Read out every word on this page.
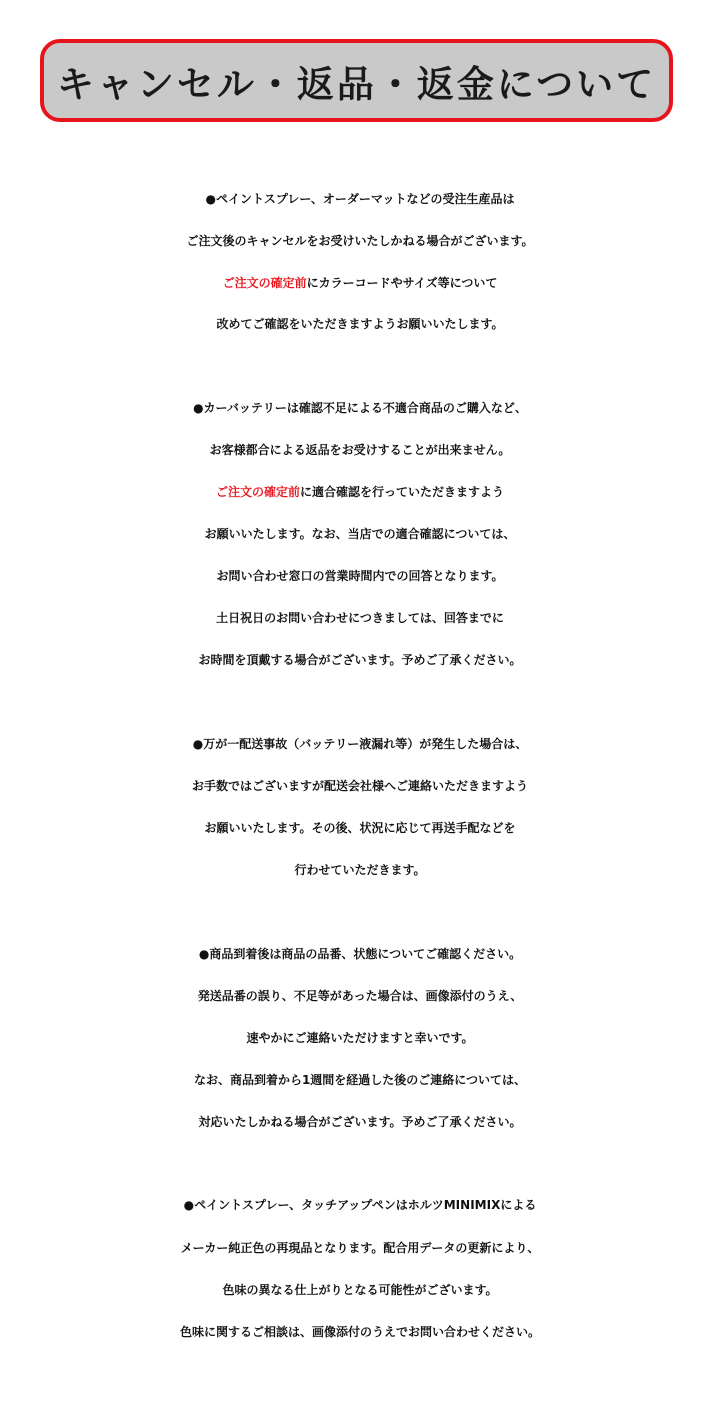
キャンセル・返品・返金について
●ペイントスプレー、オーダーマットなどの受注生産品は
ご注文後のキャンセルをお受けいたしかねる場合がございます。
ご注文の確定前にカラーコードやサイズ等について
改めてご確認をいただきますようお願いいたします。
●カーバッテリーは確認不足による不適合商品のご購入など、
お客様都合による返品をお受けすることが出来ません。
ご注文の確定前に適合確認を行っていただきますよう
お願いいたします。なお、当店での適合確認については、
お問い合わせ窓口の営業時間内での回答となります。
土日祝日のお問い合わせにつきましては、回答までに
お時間を頂戴する場合がございます。予めご了承ください。
●万が一配送事故（バッテリー液漏れ等）が発生した場合は、
お手数ではございますが配送会社様へご連絡いただきますよう
お願いいたします。その後、状況に応じて再送手配などを
行わせていただきます。
●商品到着後は商品の品番、状態についてご確認ください。
発送品番の誤り、不足等があった場合は、画像添付のうえ、
速やかにご連絡いただけますと幸いです。
なお、商品到着から1週間を経過した後のご連絡については、
対応いたしかねる場合がございます。予めご了承ください。
●ペイントスプレー、タッチアップペンはホルツMINIMIXによる
メーカー純正色の再現品となります。配合用データの更新により、
色味の異なる仕上がりとなる可能性がございます。
色味に関するご相談は、画像添付のうえでお問い合わせください。
